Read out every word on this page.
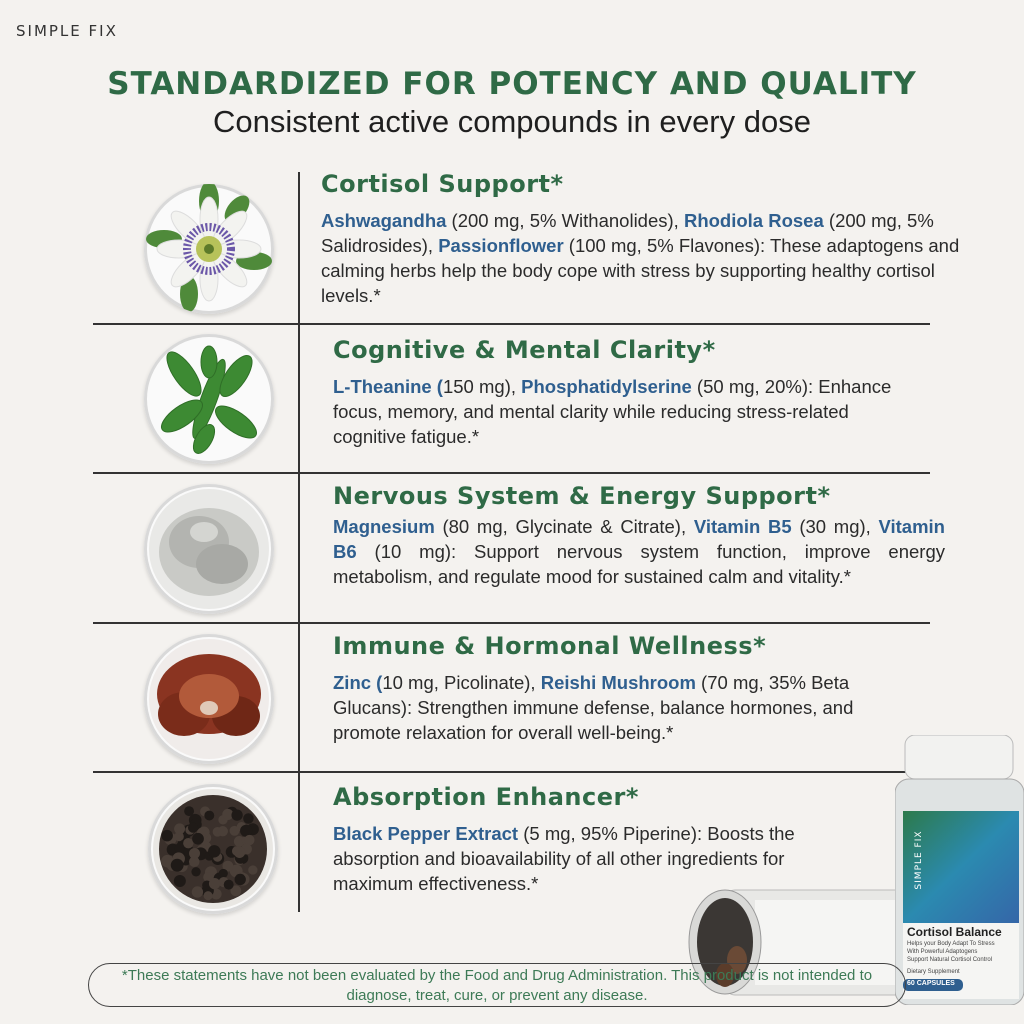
SIMPLE FIX
STANDARDIZED FOR POTENCY AND QUALITY
Consistent active compounds in every dose
Cortisol Support*

Ashwagandha (200 mg, 5% Withanolides), Rhodiola Rosea (200 mg, 5% Salidrosides), Passionflower (100 mg, 5% Flavones): These adaptogens and calming herbs help the body cope with stress by supporting healthy cortisol levels.*

Cognitive & Mental Clarity*

L-Theanine (150 mg), Phosphatidylserine (50 mg, 20%): Enhance focus, memory, and mental clarity while reducing stress-related cognitive fatigue.*

Nervous System & Energy Support*

Magnesium (80 mg, Glycinate & Citrate), Vitamin B5 (30 mg), Vitamin B6 (10 mg): Support nervous system function, improve energy metabolism, and regulate mood for sustained calm and vitality.*

Immune & Hormonal Wellness*

Zinc (10 mg, Picolinate), Reishi Mushroom (70 mg, 35% Beta Glucans): Strengthen immune defense, balance hormones, and promote relaxation for overall well-being.*

Absorption Enhancer*

Black Pepper Extract (5 mg, 95% Piperine): Boosts the absorption and bioavailability of all other ingredients for maximum effectiveness.*	SIMPLE FIX
Cortisol Balance
Helps your Body Adapt To Stress
With Powerful Adaptogens
Support Natural Cortisol Control
Dietary Supplement
60 CAPSULES
*These statements have not been evaluated by the Food and Drug Administration. This product is not intended to diagnose, treat, cure, or prevent any disease.
